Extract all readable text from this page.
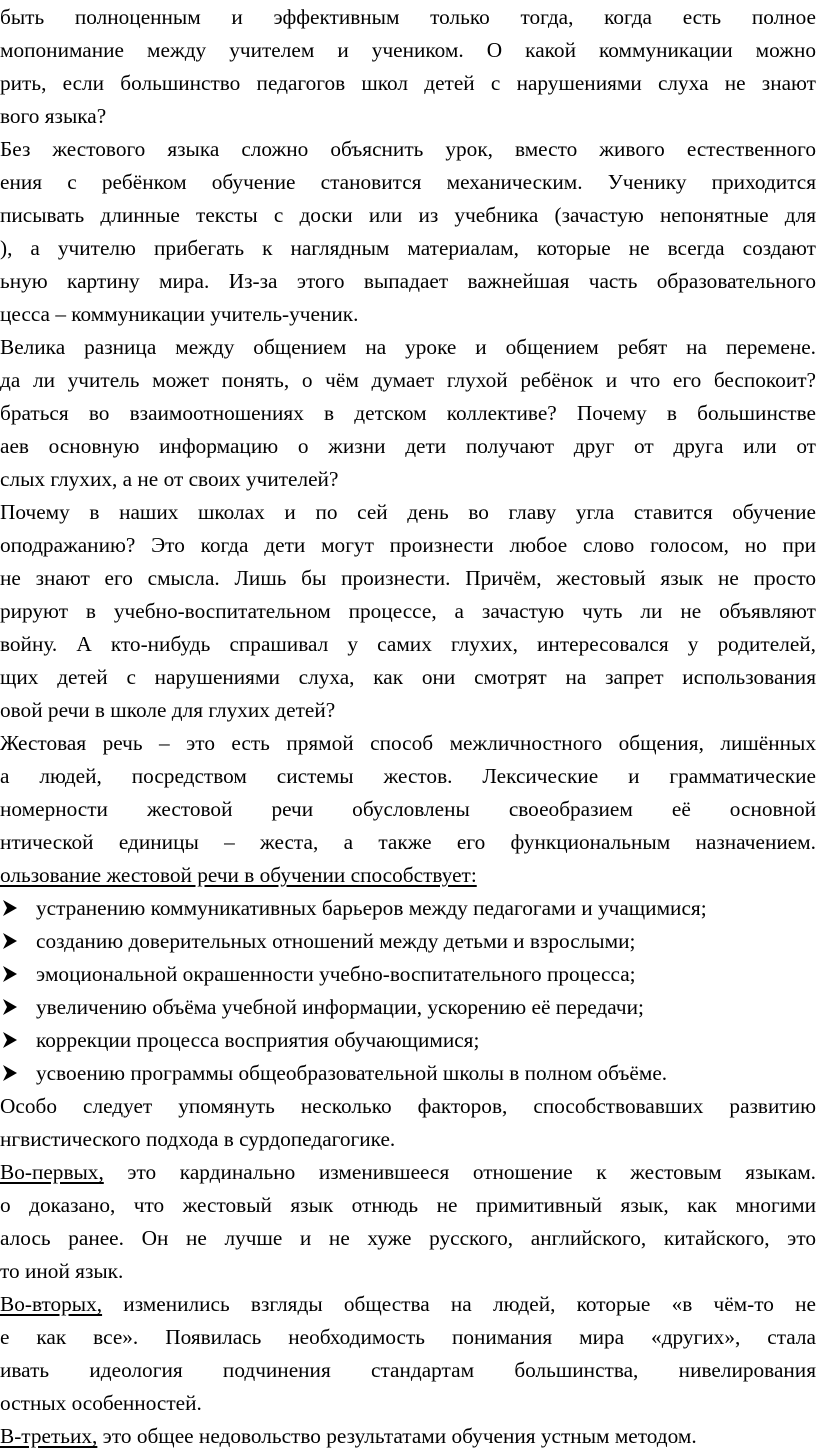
быть полноценным и эффективным только тогда, когда есть полное
мопонимание между учителем и учеником. О какой коммуникации можно
рить, если большинство педагогов школ детей с нарушениями слуха не знают
вого языка?
Без жестового языка сложно объяснить урок, вместо живого естественного
ения с ребёнком обучение становится механическим. Ученику приходится
писывать длинные тексты с доски или из учебника (зачастую непонятные для
), а учителю прибегать к наглядным материалам, которые не всегда создают
ьную картину мира. Из-за этого выпадает важнейшая часть образовательного
цесса – коммуникации учитель-ученик.
Велика разница между общением на уроке и общением ребят на перемене.
да ли учитель может понять, о чём думает глухой ребёнок и что его беспокоит?
браться во взаимоотношениях в детском коллективе? Почему в большинстве
аев основную информацию о жизни дети получают друг от друга или от
слых глухих, а не от своих учителей?
Почему в наших школах и по сей день во главу угла ставится обучение
оподражанию? Это когда дети могут произнести любое слово голосом, но при
не знают его смысла. Лишь бы произнести. Причём, жестовый язык не просто
рируют в учебно-воспитательном процессе, а зачастую чуть ли не объявляют
войну. А кто-нибудь спрашивал у самих глухих, интересовался у родителей,
щих детей с нарушениями слуха, как они смотрят на запрет использования
овой речи в школе для глухих детей?
Жестовая речь – это есть прямой способ межличностного общения, лишённых
а людей, посредством системы жестов. Лексические и грамматические
номерности жестовой речи обусловлены своеобразием её основной
нтической единицы – жеста, а также его функциональным назначением.
ользование жестовой речи в обучении способствует:
устранению коммуникативных барьеров между педагогами и учащимися;
созданию доверительных отношений между детьми и взрослыми;
эмоциональной окрашенности учебно-воспитательного процесса;
увеличению объёма учебной информации, ускорению её передачи;
коррекции процесса восприятия обучающимися;
усвоению программы общеобразовательной школы в полном объёме.
Особо следует упомянуть несколько факторов, способствовавших развитию
нгвистического подхода в сурдопедагогике.
Во-первых, это кардинально изменившееся отношение к жестовым языкам.
о доказано, что жестовый язык отнюдь не примитивный язык, как многими
алось ранее. Он не лучше и не хуже русского, английского, китайского, это
то иной язык.
Во-вторых, изменились взгляды общества на людей, которые «в чём-то не
е как все». Появилась необходимость понимания мира «других», стала
ивать идеология подчинения стандартам большинства, нивелирования
остных особенностей.
В-третьих, это общее недовольство результатами обучения устным методом.
